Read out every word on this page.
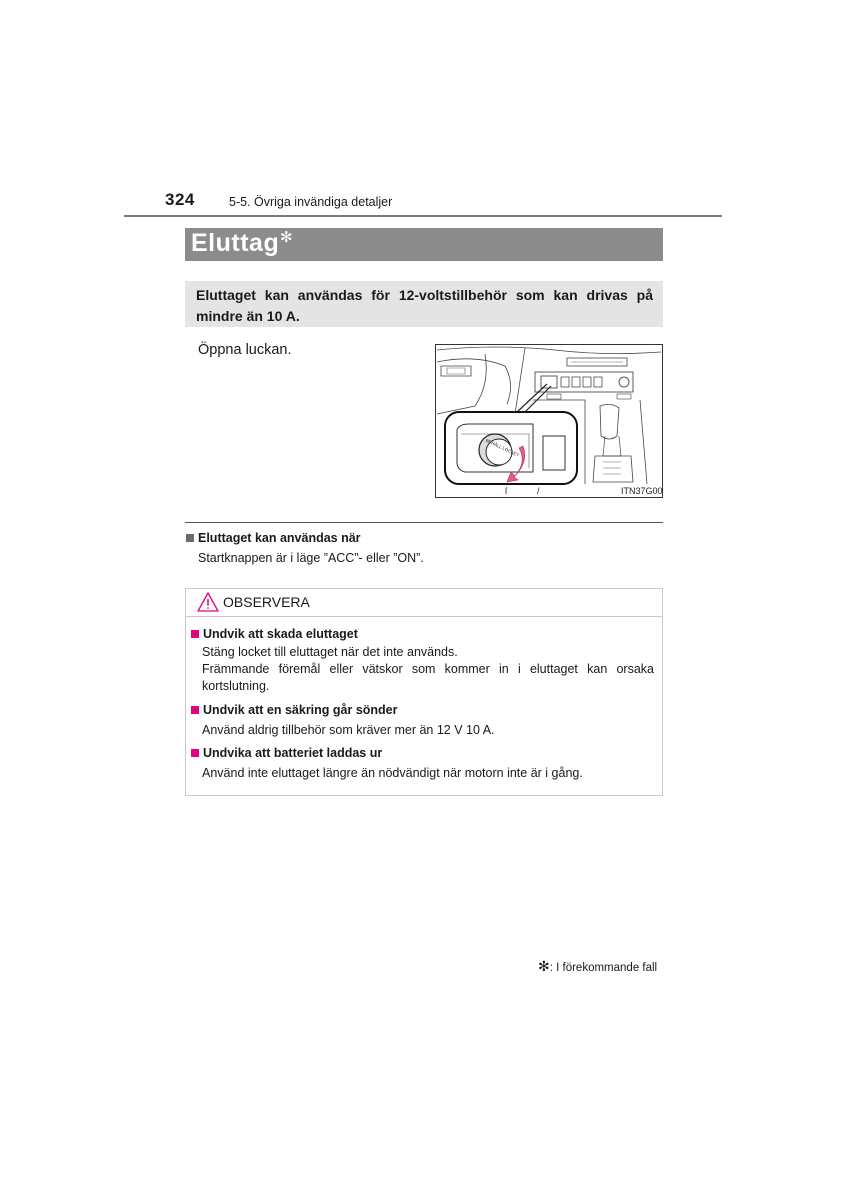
324	5-5. Övriga invändiga detaljer
Eluttag ✻
Eluttaget kan användas för 12-voltstillbehör som kan drivas på mindre än 10 A.
Öppna luckan.
BEHÅLL LOCKET
ſ	/	ITN37G001
Eluttaget kan användas när
Startknappen är i läge ”ACC”- eller ”ON”.
OBSERVERA
Undvik att skada eluttaget
Stäng locket till eluttaget när det inte används.
Främmande föremål eller vätskor som kommer in i eluttaget kan orsaka kortslutning.
Undvik att en säkring går sönder
Använd aldrig tillbehör som kräver mer än 12 V 10 A.
Undvika att batteriet laddas ur
Använd inte eluttaget längre än nödvändigt när motorn inte är i gång.
✻: I förekommande fall
